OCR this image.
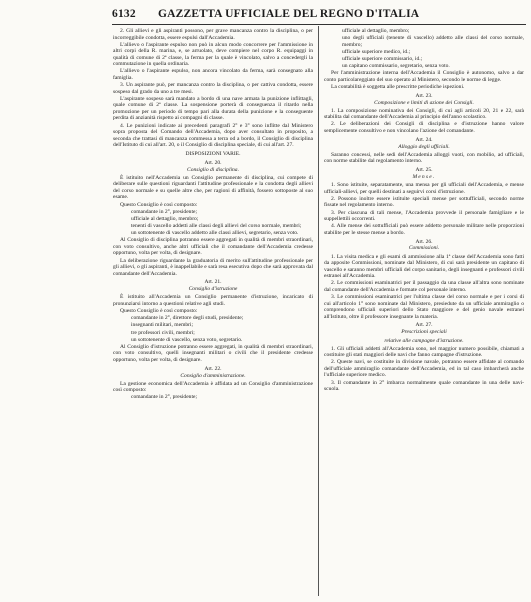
6132 GAZZETTA UFFICIALE DEL REGNO D'ITALIA

2. Gli allievi e gli aspiranti possono, per grave mancanza contro la disciplina, o per incorreggibile condotta, essere espulsi dall'Accademia.

L'allievo o l'aspirante espulso non può in alcun modo concorrere per l'ammissione in altri corpi della R. marina, e, se arruolato, deve compiere nel corpo R. equipaggi in qualità di comune di 2ª classe, la ferma per la quale è vincolato, salvo a concedergli la commutazione in quella ordinaria.

L'allievo o l'aspirante espulso, non ancora vincolato da ferma, sarà consegnato alla famiglia.

3. Un aspirante può, per mancanza contro la disciplina, o per cattiva condotta, essere sospeso dal grado da uno a tre mesi.

L'aspirante sospeso sarà mandato a bordo di una nave armata la punizione inflittagli, quale comune di 2ª classe. La sospensione porterà di conseguenza il ritardo nella promozione per un periodo di tempo pari alla durata della punizione e la conseguente perdita di anzianità rispetto ai compagni di classe.

4. Le punizioni indicate ai precedenti paragrafi 2° e 3° sono inflitte dal Ministero sopra proposta del Comando dell'Accademia, dopo aver consultato in proposito, a seconda che trattasi di mancanza commessa a terra od a bordo, il Consiglio di disciplina dell'Istituto di cui all'art. 20, o il Consiglio di disciplina speciale, di cui all'art. 27.

DISPOSIZIONI VARIE.
Art. 20.
Consiglio di disciplina.

È istituito nell'Accademia un Consiglio permanente di disciplina, cui compete di deliberare sulle questioni riguardanti l'attitudine professionale e la condotta degli allievi del corso normale e su quelle altre che, per ragioni di affinità, fossero sottoposte al suo esame.

Questo Consiglio è così composto:

comandante in 2°, presidente;

ufficiale al dettaglio, membro;

tenenti di vascello addetti alle classi degli allievi del corso normale, membri;

un sottotenente di vascello addetto alle classi allievi, segretario, senza voto.

Al Consiglio di disciplina potranno essere aggregati in qualità di membri straordinari, con voto consultivo, anche altri ufficiali che il comandante dell'Accademia credesse opportuno, volta per volta, di designare.

La deliberazione riguardante la graduatoria di merito sull'attitudine professionale per gli allievi, o gli aspiranti, è inappellabile e sarà resa esecutiva dopo che sarà approvata dal comandante dell'Accademia.

Art. 21.
Consiglio d'istruzione

È istituito all'Accademia un Consiglio permanente d'istruzione, incaricato di pronunziarsi intorno a questioni relative agli studi.

Questo Consiglio è così composto:

comandante in 2°, direttore degli studi, presidente;

insegnanti militari, membri;

tre professori civili, membri;

un sottotenente di vascello, senza voto, segretario.

Al Consiglio d'istruzione potranno essere aggregati, in qualità di membri straordinari, con voto consultivo, quelli insegnanti militari o civili che il presidente credesse opportuno, volta per volta, di designare.

Art. 22.
Consiglio d'amministrazione.

La gestione economica dell'Accademia è affidata ad un Consiglio d'amministrazione così composto:

comandante in 2°, presidente;

ufficiale al dettaglio, membro;

uno degli ufficiali (tenente di vascello) addetto alle classi del corso normale, membro;

ufficiale superiore medico, id.;

ufficiale superiore commissario, id.;

un capitano commissario, segretario, senza voto.

Per l'amministrazione interna dell'Accademia il Consiglio è autonomo, salvo a dar conto particolareggiato del suo operato al Ministero, secondo le norme di legge.

La contabilità è soggetta alle prescritte periodiche ispezioni.

Art. 23.
Composizione e limiti di azione dei Consigli.

1. La composizione nominativa dei Consigli, di cui agli articoli 20, 21 e 22, sarà stabilita dal comandante dell'Accademia al principio dell'anno scolastico.

2. Le deliberazioni dei Consigli di disciplina e d'istruzione hanno valore semplicemente consultivo e non vincolano l'azione del comandante.

Art. 24.
Alloggio degli ufficiali.

Saranno concessi, nelle sedi dell'Accademia alloggi vuoti, con mobilio, ad ufficiali, con norme stabilite dal regolamento interno.

Art. 25.
Mense.

1. Sono istituite, separatamente, una mensa per gli ufficiali dell'Accademia, e mense ufficiali-allievi, per quelli destinati a seguirvi corsi d'istruzione.

2. Possono inoltre essere istituite speciali mense per sottufficiali, secondo norme fissate nel regolamento interno.

3. Per ciascuna di tali mense, l'Accademia provvede il personale famigliare e le suppellettili occorrenti.

4. Alle mense dei sottufficiali può essere addetto personale militare nelle proporzioni stabilite per le stesse mense a bordo.

Art. 26.
Commissioni.

1. La visita medica e gli esami di ammissione alla 1ª classe dell'Accademia sono fatti da apposite Commissioni, nominate dal Ministero, di cui sarà presidente un capitano di vascello e saranno membri ufficiali del corpo sanitario, degli insegnanti e professori civili estranei all'Accademia.

2. Le commissioni esaminatrici per il passaggio da una classe all'altra sono nominate dal comandante dell'Accademia e formate col personale interno.

3. Le commissioni esaminatrici per l'ultima classe del corso normale e per i corsi di cui all'articolo 1° sono nominate dal Ministero, presiedute da un ufficiale ammiraglio o comprendono ufficiali superiori dello Stato maggiore e del genio navale estranei all'Istituto, oltre il professore insegnante la materia.

Art. 27.
Prescrizioni speciali
relative alle campagne d'istruzione.

1. Gli ufficiali addetti all'Accademia sono, nel maggior numero possibile, chiamati a costituire gli stati maggiori delle navi che fanno campagne d'istruzione.

2. Queste navi, se costituite in divisione navale, potranno essere affidate al comando dell'ufficiale ammiraglio comandante dell'Accademia, ed in tal caso imbarcherà anche l'ufficiale superiore medico.

3. Il comandante in 2° imbarca normalmente quale comandante in una delle navi-scuola.
